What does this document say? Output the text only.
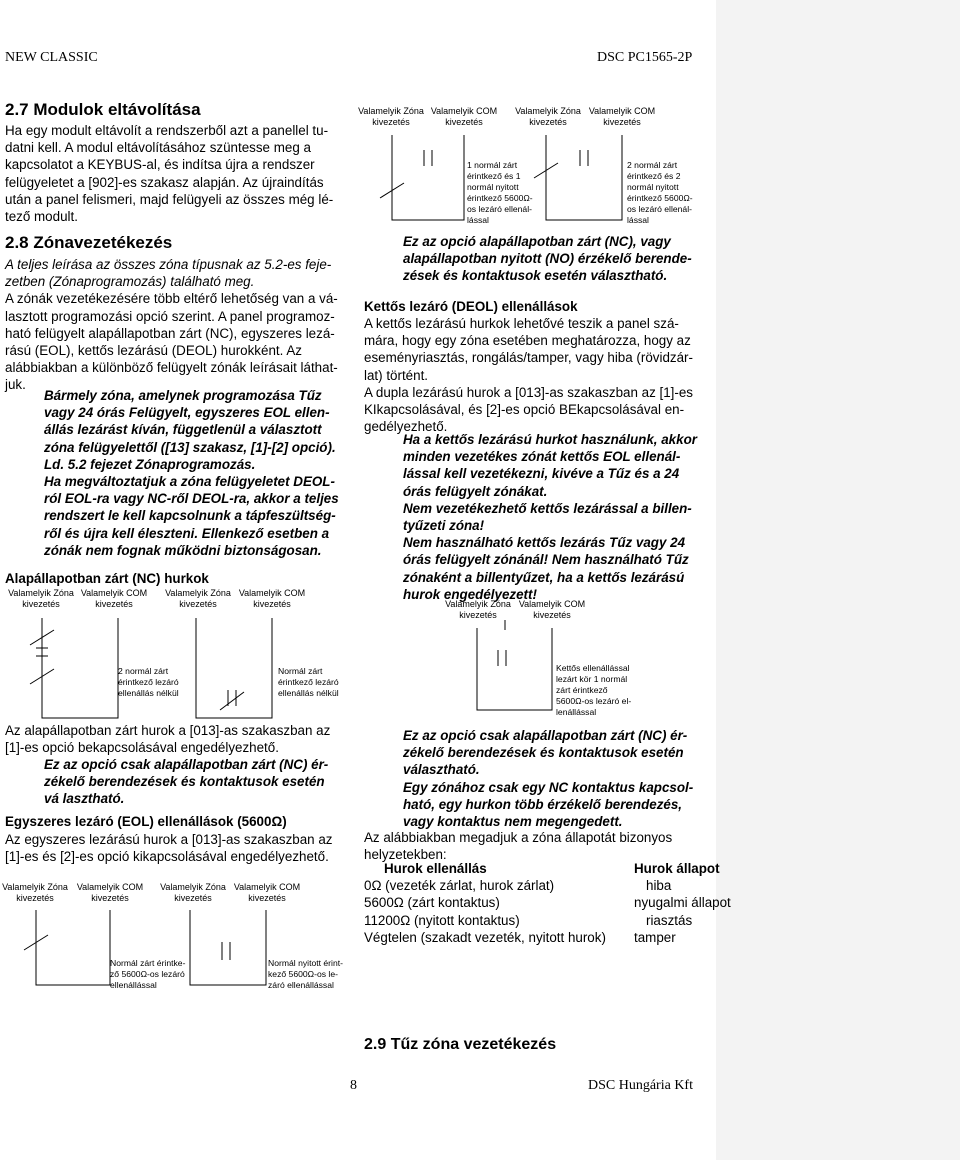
NEW CLASSIC	DSC PC1565-2P
2.7 Modulok eltávolítása

Ha egy modult eltávolít a rendszerből azt a panellel tu-

datni kell. A modul eltávolításához szüntesse meg a

kapcsolatot a KEYBUS-al, és indítsa újra a rendszer

felügyeletet a [902]-es szakasz alapján. Az újraindítás

után a panel felismeri, majd felügyeli az összes még lé-

tező modult.

2.8 Zónavezetékezés

A teljes leírása az összes zóna típusnak az 5.2-es feje-

zetben (Zónaprogramozás) található meg.

A zónák vezetékezésére több eltérő lehetőség van a vá-

lasztott programozási opció szerint. A panel programoz-

ható felügyelt alapállapotban zárt (NC), egyszeres lezá-

rású (EOL), kettős lezárású (DEOL) hurokként. Az

alábbiakban a különböző felügyelt zónák leírásait láthat-

juk.

Bármely zóna, amelynek programozása Tűz

vagy 24 órás Felügyelt, egyszeres EOL ellen-

állás lezárást kíván, függetlenül a választott

zóna felügyelettől ([13] szakasz, [1]-[2] opció).

Ld. 5.2 fejezet Zónaprogramozás.

Ha megváltoztatjuk a zóna felügyeletet DEOL-

ról EOL-ra vagy NC-ről DEOL-ra, akkor a teljes

rendszert le kell kapcsolnunk a tápfeszültség-

ről és újra kell éleszteni. Ellenkező esetben a

zónák nem fognak működni biztonságosan.

Alapállapotban zárt (NC) hurkok
Valamelyik Zóna kivezetés
Valamelyik COM kivezetés
Valamelyik Zóna kivezetés
Valamelyik COM kivezetés
2 normál zárt
érintkező lezáró
ellenállás nélkül
Normál zárt
érintkező lezáró
ellenállás nélkül

Az alapállapotban zárt hurok a [013]-as szakaszban az

[1]-es opció bekapcsolásával engedélyezhető.

Ez az opció csak alapállapotban zárt (NC) ér-

zékelő berendezések és kontaktusok esetén

vá lasztható.

Egyszeres lezáró (EOL) ellenállások (5600Ω)

Az egyszeres lezárású hurok a [013]-as szakaszban az

[1]-es és [2]-es opció kikapcsolásával engedélyezhető.

Valamelyik Zóna kivezetés
Valamelyik COM kivezetés
Valamelyik Zóna kivezetés
Valamelyik COM kivezetés
Normál zárt érintke-
ző 5600Ω-os lezáró
ellenállással
Normál nyitott érint-
kező 5600Ω-os le-
záró ellenállással
Valamelyik Zóna kivezetés
Valamelyik COM kivezetés
Valamelyik Zóna kivezetés
Valamelyik COM kivezetés
1 normál zárt
érintkező és 1
normál nyitott
érintkező 5600Ω-
os lezáró ellenál-
lással
2 normál zárt
érintkező és 2
normál nyitott
érintkező 5600Ω-
os lezáró ellenál-
lással

Ez az opció alapállapotban zárt (NC), vagy

alapállapotban nyitott (NO) érzékelő berende-

zések és kontaktusok esetén választható.

Kettős lezáró (DEOL) ellenállások

A kettős lezárású hurkok lehetővé teszik a panel szá-

mára, hogy egy zóna esetében meghatározza, hogy az

eseményriasztás, rongálás/tamper, vagy hiba (rövidzár-

lat) történt.

A dupla lezárású hurok a [013]-as szakaszban az [1]-es

KIkapcsolásával, és [2]-es opció BEkapcsolásával en-

gedélyezhető.

Ha a kettős lezárású hurkot használunk, akkor

minden vezetékes zónát kettős EOL ellenál-

lással kell vezetékezni, kivéve a Tűz és a 24

órás felügyelt zónákat.

Nem vezetékezhető kettős lezárással a billen-

tyűzeti zóna!

Nem használható kettős lezárás Tűz vagy 24

órás felügyelt zónánál! Nem használható Tűz

zónaként a billentyűzet, ha a kettős lezárású

hurok engedélyezett!

Valamelyik Zóna kivezetés
Valamelyik COM kivezetés
Kettős ellenállással
lezárt kör 1 normál
zárt érintkező
5600Ω-os lezáró el-
lenállással

Ez az opció csak alapállapotban zárt (NC) ér-

zékelő berendezések és kontaktusok esetén

választható.

Egy zónához csak egy NC kontaktus kapcsol-

ható, egy hurkon több érzékelő berendezés,

vagy kontaktus nem megengedett.

Az alábbiakban megadjuk a zóna állapotát bizonyos

helyzetekben:

Hurok ellenállás	Hurok állapot
0Ω (vezeték zárlat, hurok zárlat)	hiba
5600Ω (zárt kontaktus)	nyugalmi állapot
11200Ω (nyitott kontaktus)	riasztás
Végtelen (szakadt vezeték, nyitott hurok)	tamper
2.9 Tűz zóna vezetékezés
8	DSC Hungária Kft
